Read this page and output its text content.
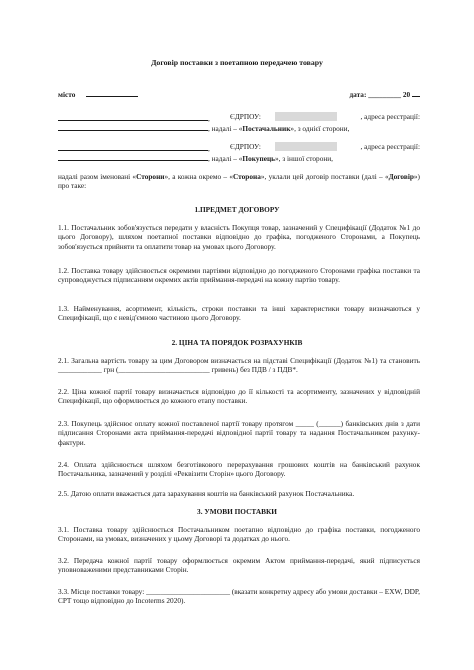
Договір поставки з поетапною передачею товару
місто	дата: _________ 20
,	ЄДРПОУ:	, адреса реєстрації:
, надалі – «Постачальник», з однієї сторони,
,	ЄДРПОУ:	, адреса реєстрації:
, надалі – «Покупець», з іншої сторони,
надалі разом іменовані «Сторони», а кожна окремо – «Сторона», уклали цей договір поставки (далі – «Договір») про таке:
1.ПРЕДМЕТ ДОГОВОРУ
1.1. Постачальник зобов'язується передати у власність Покупця товар, зазначений у Специфікації (Додаток №1 до цього Договору), шляхом поетапної поставки відповідно до графіка, погодженого Сторонами, а Покупець зобов'язується прийняти та оплатити товар на умовах цього Договору.
1.2. Поставка товару здійснюється окремими партіями відповідно до погодженого Сторонами графіка поставки та супроводжується підписанням окремих актів приймання-передачі на кожну партію товару.
1.3. Найменування, асортимент, кількість, строки поставки та інші характеристики товару визначаються у Специфікації, що є невід'ємною частиною цього Договору.
2. ЦІНА ТА ПОРЯДОК РОЗРАХУНКІВ
2.1. Загальна вартість товару за цим Договором визначається на підставі Специфікації (Додаток №1) та становить ____________ грн (_________________________ гривень) без ПДВ / з ПДВ*.
2.2. Ціна кожної партії товару визначається відповідно до її кількості та асортименту, зазначених у відповідній Специфікації, що оформлюється до кожного етапу поставки.
2.3. Покупець здійснює оплату кожної поставленої партії товару протягом _____ (______) банківських днів з дати підписання Сторонами акта приймання-передачі відповідної партії товару та надання Постачальником рахунку-фактури.
2.4. Оплата здійснюється шляхом безготівкового перерахування грошових коштів на банківський рахунок Постачальника, зазначений у розділі «Реквізити Сторін» цього Договору.
2.5. Датою оплати вважається дата зарахування коштів на банківський рахунок Постачальника.
3. УМОВИ ПОСТАВКИ
3.1. Поставка товару здійснюється Постачальником поетапно відповідно до графіка поставки, погодженого Сторонами, на умовах, визначених у цьому Договорі та додатках до нього.
3.2. Передача кожної партії товару оформлюється окремим Актом приймання-передачі, який підписується уповноваженими представниками Сторін.
3.3. Місце поставки товару: _______________________ (вказати конкретну адресу або умови доставки – EXW, DDP, CPT тощо відповідно до Incoterms 2020).
